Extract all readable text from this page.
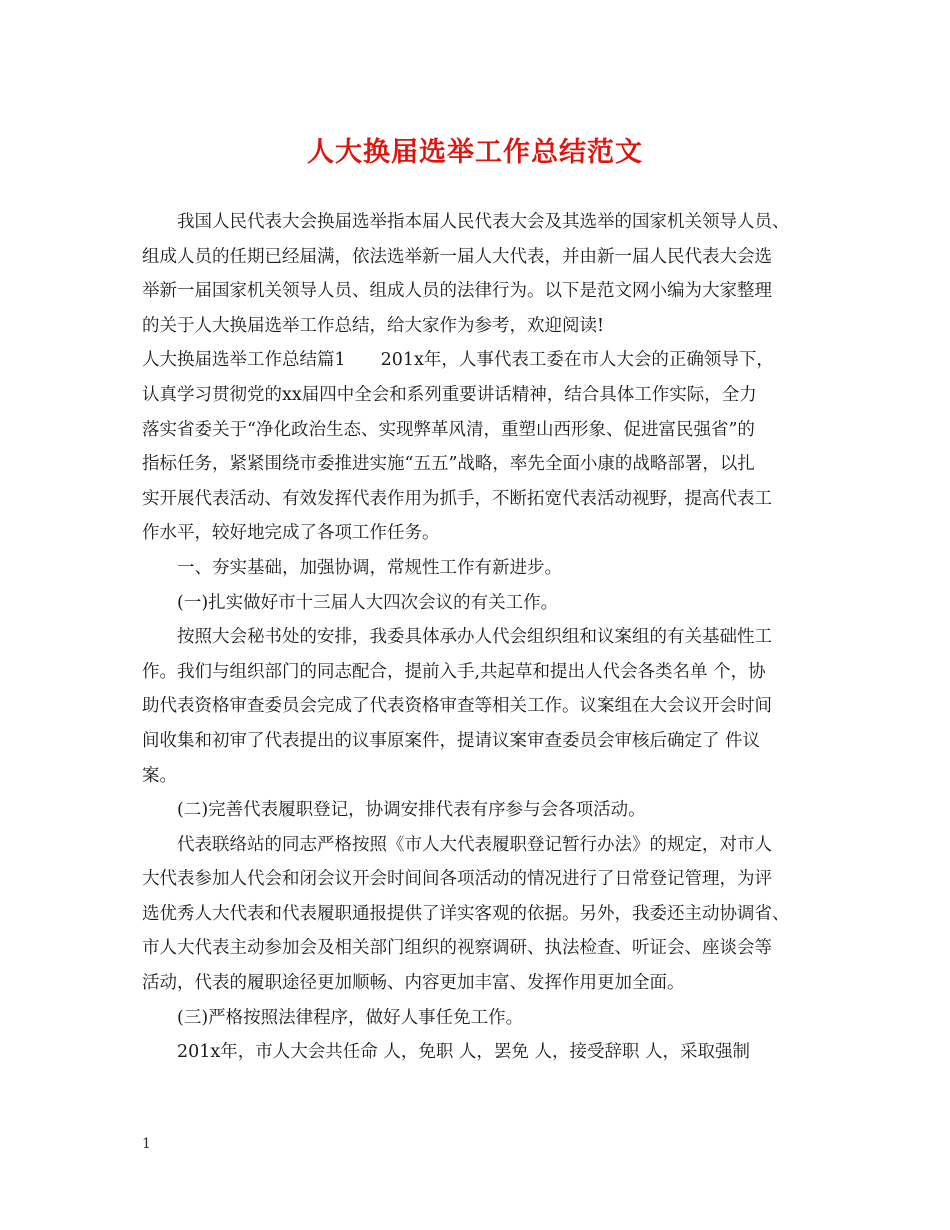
人大换届选举工作总结范文
我国人民代表大会换届选举指本届人民代表大会及其选举的国家机关领导人员、
组成人员的任期已经届满，依法选举新一届人大代表，并由新一届人民代表大会选
举新一届国家机关领导人员、组成人员的法律行为。以下是范文网小编为大家整理
的关于人大换届选举工作总结，给大家作为参考，欢迎阅读!
人大换届选举工作总结篇1　　201x年，人事代表工委在市人大会的正确领导下，
认真学习贯彻党的xx届四中全会和系列重要讲话精神，结合具体工作实际，全力
落实省委关于“净化政治生态、实现弊革风清，重塑山西形象、促进富民强省”的
指标任务，紧紧围绕市委推进实施“五五”战略，率先全面小康的战略部署，以扎
实开展代表活动、有效发挥代表作用为抓手，不断拓宽代表活动视野，提高代表工
作水平，较好地完成了各项工作任务。
一、夯实基础，加强协调，常规性工作有新进步。
(一)扎实做好市十三届人大四次会议的有关工作。
按照大会秘书处的安排，我委具体承办人代会组织组和议案组的有关基础性工
作。我们与组织部门的同志配合，提前入手,共起草和提出人代会各类名单 个，协
助代表资格审查委员会完成了代表资格审查等相关工作。议案组在大会议开会时间
间收集和初审了代表提出的议事原案件，提请议案审查委员会审核后确定了 件议
案。
(二)完善代表履职登记，协调安排代表有序参与会各项活动。
代表联络站的同志严格按照《市人大代表履职登记暂行办法》的规定，对市人
大代表参加人代会和闭会议开会时间间各项活动的情况进行了日常登记管理，为评
选优秀人大代表和代表履职通报提供了详实客观的依据。另外，我委还主动协调省、
市人大代表主动参加会及相关部门组织的视察调研、执法检查、听证会、座谈会等
活动，代表的履职途径更加顺畅、内容更加丰富、发挥作用更加全面。
(三)严格按照法律程序，做好人事任免工作。
201x年，市人大会共任命 人，免职 人，罢免 人，接受辞职 人，采取强制
1
